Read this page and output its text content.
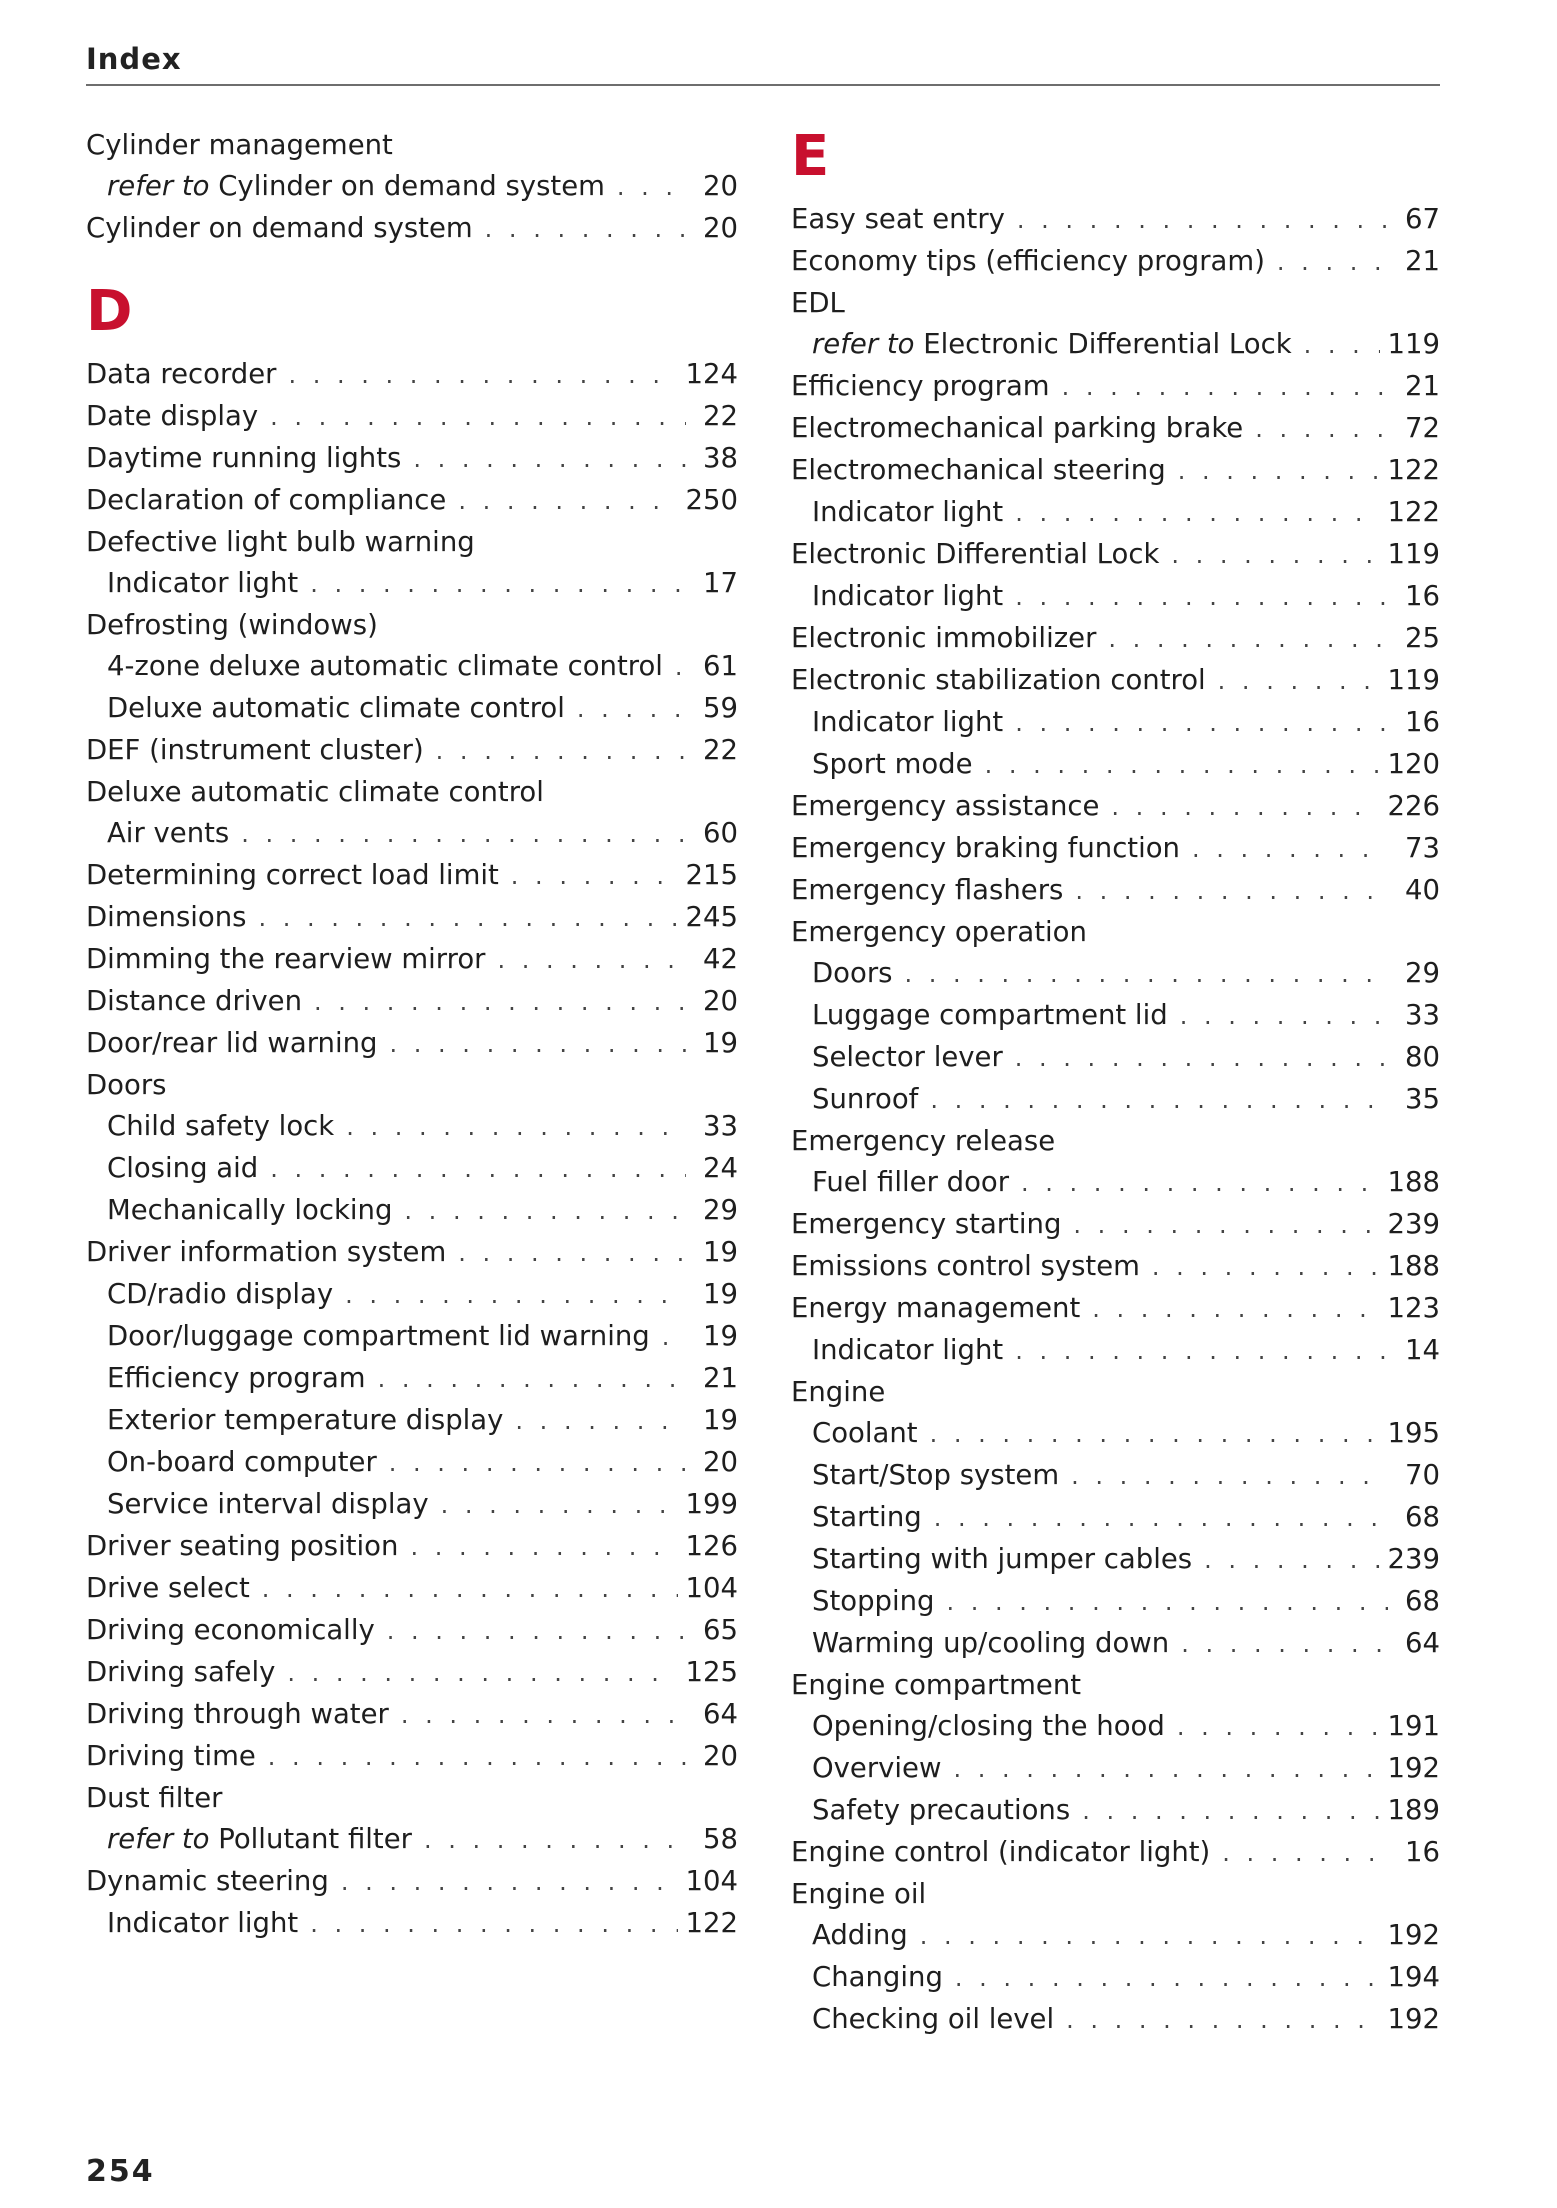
Index
Cylinder management
refer to Cylinder on demand system . . .	20
Cylinder on demand system . . .	20
D
Data recorder . . .	124
Date display . . .	22
Daytime running lights . . .	38
Declaration of compliance . . .	250
Defective light bulb warning
Indicator light . . .	17
Defrosting (windows)
4-zone deluxe automatic climate control . . .	61
Deluxe automatic climate control . . .	59
DEF (instrument cluster) . . .	22
Deluxe automatic climate control
Air vents . . .	60
Determining correct load limit . . .	215
Dimensions . . .	245
Dimming the rearview mirror . . .	42
Distance driven . . .	20
Door/rear lid warning . . .	19
Doors
Child safety lock . . .	33
Closing aid . . .	24
Mechanically locking . . .	29
Driver information system . . .	19
CD/radio display . . .	19
Door/luggage compartment lid warning . . .	19
Efficiency program . . .	21
Exterior temperature display . . .	19
On-board computer . . .	20
Service interval display . . .	199
Driver seating position . . .	126
Drive select . . .	104
Driving economically . . .	65
Driving safely . . .	125
Driving through water . . .	64
Driving time . . .	20
Dust filter
refer to Pollutant filter . . .	58
Dynamic steering . . .	104
Indicator light . . .	122
E
Easy seat entry . . .	67
Economy tips (efficiency program) . . .	21
EDL
refer to Electronic Differential Lock . . .	119
Efficiency program . . .	21
Electromechanical parking brake . . .	72
Electromechanical steering . . .	122
Indicator light . . .	122
Electronic Differential Lock . . .	119
Indicator light . . .	16
Electronic immobilizer . . .	25
Electronic stabilization control . . .	119
Indicator light . . .	16
Sport mode . . .	120
Emergency assistance . . .	226
Emergency braking function . . .	73
Emergency flashers . . .	40
Emergency operation
Doors . . .	29
Luggage compartment lid . . .	33
Selector lever . . .	80
Sunroof . . .	35
Emergency release
Fuel filler door . . .	188
Emergency starting . . .	239
Emissions control system . . .	188
Energy management . . .	123
Indicator light . . .	14
Engine
Coolant . . .	195
Start/Stop system . . .	70
Starting . . .	68
Starting with jumper cables . . .	239
Stopping . . .	68
Warming up/cooling down . . .	64
Engine compartment
Opening/closing the hood . . .	191
Overview . . .	192
Safety precautions . . .	189
Engine control (indicator light) . . .	16
Engine oil
Adding . . .	192
Changing . . .	194
Checking oil level . . .	192
254
